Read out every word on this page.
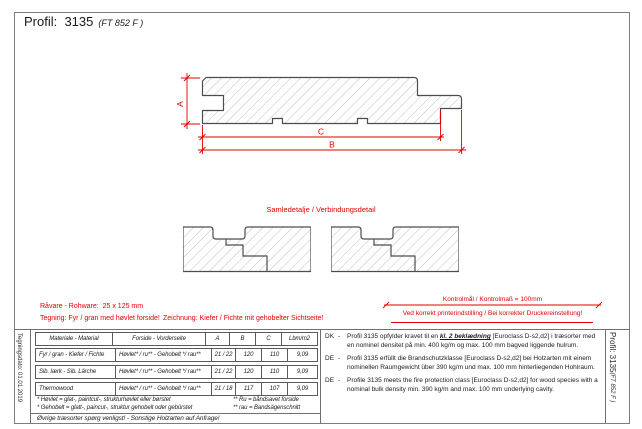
Profil:  3135 (FT 852 F )
A
C
B
Samledetalje / Verbindungsdetail
Råvare - Rohware:  25 x 125 mm
Tegning: Fyr / gran med høvlet forside! Zeichnung: Kiefer / Fichte mit gehobelter Sichtseite!
Kontrolmål / Kontrolmaß = 100mm
Ved korrekt printerindstilling / Bei korrekter Druckereinstellung!
Materiale - Material	Forside - Vorderseite	A	B	C	Lbm/m2
Fyr / gran - Kiefer / Fichte	Høvlet* / ru** - Gehobelt */ rau**	21 / 22	120	110	9,09
Sib. lærk - Sib. Lärche	Høvlet* / ru** - Gehobelt */ rau**	21 / 22	120	110	9,09
Thermowood	Høvlet* / ru** - Gehobelt */ rau**	21 / 18	117	107	9,09
* Høvlet = glat-, paintcut-, strukturhøvlet eller børstet
* Gehobelt = glatt-, paincut-, struktur gehobelt oder gebürstet
** Ru = båndsavet forside
** rau = Bandsägenschnitt
Øvrige træsorter spørg venligst! - Sonstige Holzarten auf Anfrage!
DK -	Profil 3135 opfylder kravet til en kl. 2 beklædning [Euroclass D-s2,d2] i træsorter med en nominel densitet på min. 400 kg/m og max. 100 mm bagved liggende hulrum.
DE -	Profil 3135 erfüllt die Brandschutzklasse [Euroclass D-s2,d2] bei Holzarten mit einem nominellen Raumgewicht über 390 kg/m und max. 100 mm hinterliegenden Hohlraum.
DE -	Profile 3135 meets the fire protection class [Euroclass D-s2,d2] for wood species with a nominal bulk density min. 390 kg/m and max. 100 mm underlying cavity.
Tegningsdato: 01.01.2019	Profil: 3135(FT 852 F )
